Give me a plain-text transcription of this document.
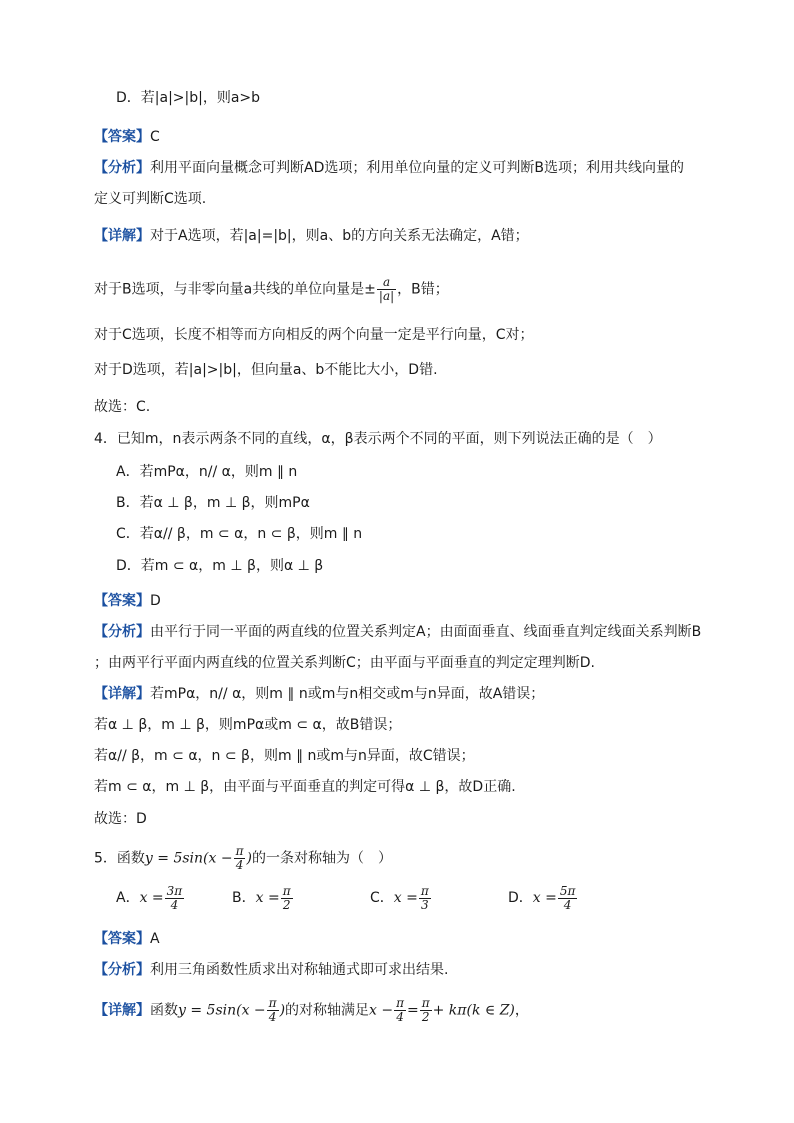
D．若|a|>|b|，则a>b
【答案】C
【分析】利用平面向量概念可判断AD选项；利用单位向量的定义可判断B选项；利用共线向量的
定义可判断C选项.
【详解】对于A选项，若|a|=|b|，则a、b的方向关系无法确定，A错；
对于B选项，与非零向量a共线的单位向量是± $\frac{a}{|a|}$ ，B错；
对于C选项，长度不相等而方向相反的两个向量一定是平行向量，C对；
对于D选项，若|a|>|b|，但向量a、b不能比大小，D错.
故选：C.
4．已知m，n表示两条不同的直线，α，β表示两个不同的平面，则下列说法正确的是（　）
A．若mPα，n// α，则m ∥ n
B．若α ⊥ β，m ⊥ β，则mPα
C．若α// β，m ⊂ α，n ⊂ β，则m ∥ n
D．若m ⊂ α，m ⊥ β，则α ⊥ β
【答案】D
【分析】由平行于同一平面的两直线的位置关系判定A；由面面垂直、线面垂直判定线面关系判断B
；由两平行平面内两直线的位置关系判断C；由平面与平面垂直的判定定理判断D.
【详解】若mPα，n// α，则m ∥ n或m与n相交或m与n异面，故A错误；
若α ⊥ β，m ⊥ β，则mPα或m ⊂ α，故B错误；
若α// β，m ⊂ α，n ⊂ β，则m ∥ n或m与n异面，故C错误；
若m ⊂ α，m ⊥ β，由平面与平面垂直的判定可得α ⊥ β，故D正确.
故选：D
5．函数$y = 5\sin(x - \frac{\pi}{4}$ )的一条对称轴为（　）
A．$x = \frac{3\pi}{4}$	B．$x = \frac{\pi}{2}$	C．$x = \frac{\pi}{3}$	D．$x = \frac{5\pi}{4}$
【答案】A
【分析】利用三角函数性质求出对称轴通式即可求出结果.
【详解】函数$y = 5\sin(x - \frac{\pi}{4}$ )的对称轴满足$x - \frac{\pi}{4} = \frac{\pi}{2} + k\pi(k$ ∈ Z)，
